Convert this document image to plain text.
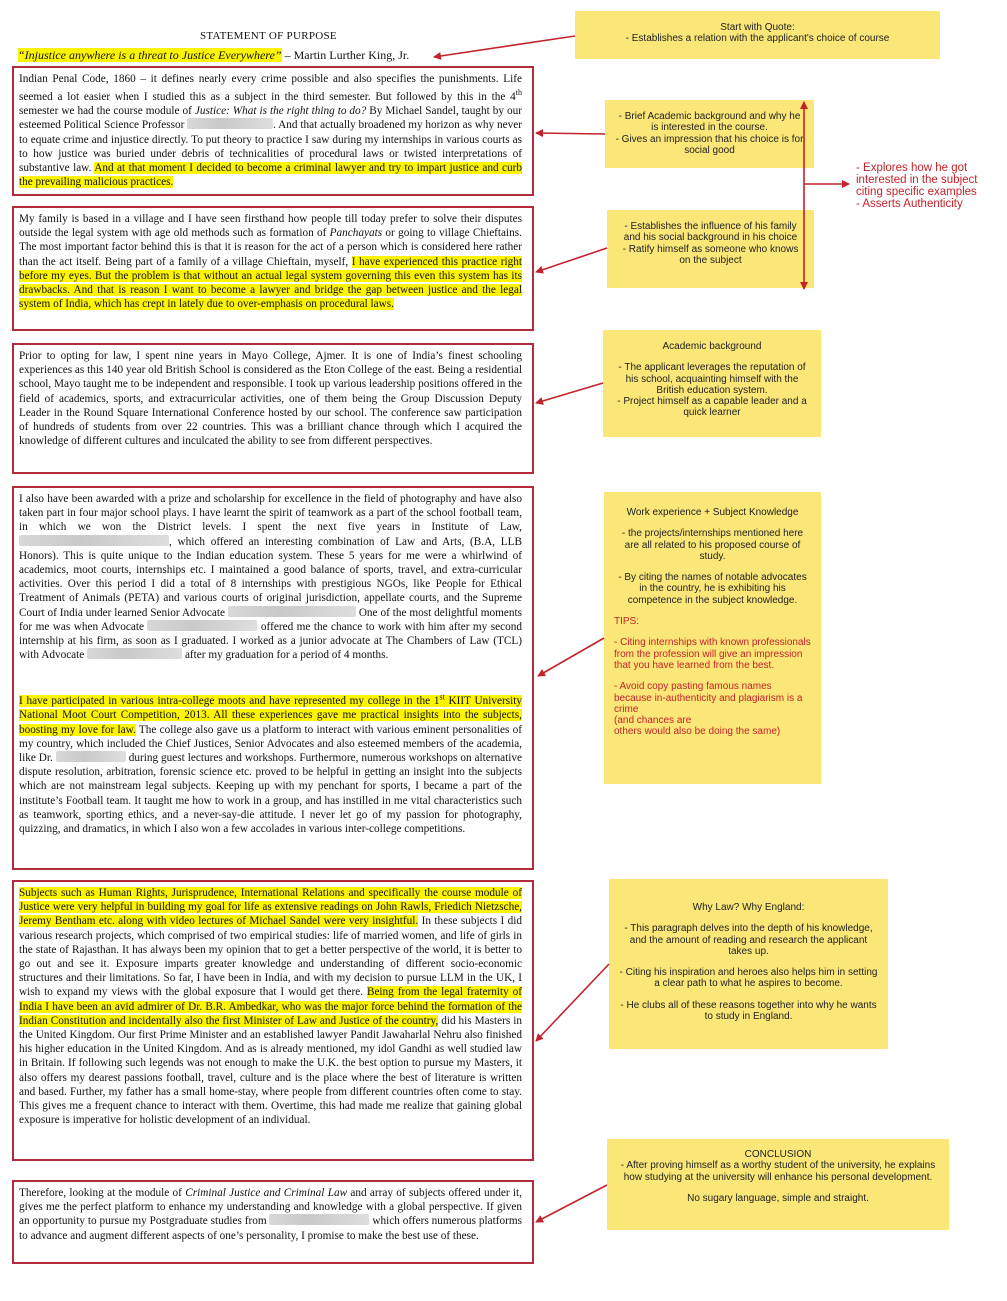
STATEMENT OF PURPOSE
“Injustice anywhere is a threat to Justice Everywhere” – Martin Lurther King, Jr.
Indian Penal Code, 1860 – it defines nearly every crime possible and also specifies the punishments. Life seemed a lot easier when I studied this as a subject in the third semester. But followed by this in the 4th semester we had the course module of Justice: What is the right thing to do? By Michael Sandel, taught by our esteemed Political Science Professor	. And that actually broadened my horizon as why never to equate crime and injustice directly. To put theory to practice I saw during my internships in various courts as to how justice was buried under debris of technicalities of procedural laws or twisted interpretations of substantive law. And at that moment I decided to become a criminal lawyer and try to impart justice and curb the prevailing malicious practices.
My family is based in a village and I have seen firsthand how people till today prefer to solve their disputes outside the legal system with age old methods such as formation of Panchayats or going to village Chieftains. The most important factor behind this is that it is reason for the act of a person which is considered here rather than the act itself. Being part of a family of a village Chieftain, myself, I have experienced this practice right before my eyes. But the problem is that without an actual legal system governing this even this system has its drawbacks. And that is reason I want to become a lawyer and bridge the gap between justice and the legal system of India, which has crept in lately due to over-emphasis on procedural laws.
Prior to opting for law, I spent nine years in Mayo College, Ajmer. It is one of India’s finest schooling experiences as this 140 year old British School is considered as the Eton College of the east. Being a residential school, Mayo taught me to be independent and responsible. I took up various leadership positions offered in the field of academics, sports, and extracurricular activities, one of them being the Group Discussion Deputy Leader in the Round Square International Conference hosted by our school. The conference saw participation of hundreds of students from over 22 countries. This was a brilliant chance through which I acquired the knowledge of different cultures and inculcated the ability to see from different perspectives.
I also have been awarded with a prize and scholarship for excellence in the field of photography and have also taken part in four major school plays. I have learnt the spirit of teamwork as a part of the school football team, in which we won the District levels. I spent the next five years in Institute of Law, , which offered an interesting combination of Law and Arts, (B.A, LLB Honors). This is quite unique to the Indian education system. These 5 years for me were a whirlwind of academics, moot courts, internships etc. I maintained a good balance of sports, travel, and extra-curricular activities. Over this period I did a total of 8 internships with prestigious NGOs, like People for Ethical Treatment of Animals (PETA) and various courts of original jurisdiction, appellate courts, and the Supreme Court of India under learned Senior Advocate	One of the most delightful moments for me was when Advocate	offered me the chance to work with him after my second internship at his firm, as soon as I graduated. I worked as a junior advocate at The Chambers of Law (TCL) with Advocate	after my graduation for a period of 4 months.
I have participated in various intra-college moots and have represented my college in the 1st KIIT University National Moot Court Competition, 2013. All these experiences gave me practical insights into the subjects, boosting my love for law. The college also gave us a platform to interact with various eminent personalities of my country, which included the Chief Justices, Senior Advocates and also esteemed members of the academia, like Dr.	during guest lectures and workshops. Furthermore, numerous workshops on alternative dispute resolution, arbitration, forensic science etc. proved to be helpful in getting an insight into the subjects which are not mainstream legal subjects. Keeping up with my penchant for sports, I became a part of the institute’s Football team. It taught me how to work in a group, and has instilled in me vital characteristics such as teamwork, sporting ethics, and a never-say-die attitude. I never let go of my passion for photography, quizzing, and dramatics, in which I also won a few accolades in various inter-college competitions.
Subjects such as Human Rights, Jurisprudence, International Relations and specifically the course module of Justice were very helpful in building my goal for life as extensive readings on John Rawls, Friedich Nietzsche, Jeremy Bentham etc. along with video lectures of Michael Sandel were very insightful. In these subjects I did various research projects, which comprised of two empirical studies: life of married women, and life of girls in the state of Rajasthan. It has always been my opinion that to get a better perspective of the world, it is better to go out and see it. Exposure imparts greater knowledge and understanding of different socio-economic structures and their limitations. So far, I have been in India, and with my decision to pursue LLM in the UK, I wish to expand my views with the global exposure that I would get there. Being from the legal fraternity of India I have been an avid admirer of Dr. B.R. Ambedkar, who was the major force behind the formation of the Indian Constitution and incidentally also the first Minister of Law and Justice of the country, did his Masters in the United Kingdom. Our first Prime Minister and an established lawyer Pandit Jawaharlal Nehru also finished his higher education in the United Kingdom. And as is already mentioned, my idol Gandhi as well studied law in Britain. If following such legends was not enough to make the U.K. the best option to pursue my Masters, it also offers my dearest passions football, travel, culture and is the place where the best of literature is written and based. Further, my father has a small home-stay, where people from different countries often come to stay. This gives me a frequent chance to interact with them. Overtime, this had made me realize that gaining global exposure is imperative for holistic development of an individual.
Therefore, looking at the module of Criminal Justice and Criminal Law and array of subjects offered under it, gives me the perfect platform to enhance my understanding and knowledge with a global perspective. If given an opportunity to pursue my Postgraduate studies from	which offers numerous platforms to advance and augment different aspects of one’s personality, I promise to make the best use of these.

Start with Quote:

- Establishes a relation with the applicant's choice of course

- Brief Academic background and why he is interested in the course.

- Gives an impression that his choice is for social good

- Establishes the influence of his family and his social background in his choice

- Ratify himself as someone who knows on the subject

- Explores how he got interested in the subject citing specific examples
- Asserts Authenticity

Academic background

- The applicant leverages the reputation of his school, acquainting himself with the British education system.

- Project himself as a capable leader and a quick learner

Work experience + Subject Knowledge

- the projects/internships mentioned here are all related to his proposed course of study.

- By citing the names of notable advocates in the country, he is exhibiting his competence in the subject knowledge.

TIPS:

- Citing internships with known professionals from the profession will give an impression that you have learned from the best.

- Avoid copy pasting famous names because in-authenticity and plagiarism is a crime

(and chances are

others would also be doing the same)

Why Law? Why England:

- This paragraph delves into the depth of his knowledge, and the amount of reading and research the applicant takes up.

- Citing his inspiration and heroes also helps him in setting a clear path to what he aspires to become.

- He clubs all of these reasons together into why he wants to study in England.

CONCLUSION

- After proving himself as a worthy student of the university, he explains how studying at the university will enhance his personal development.

No sugary language, simple and straight.
